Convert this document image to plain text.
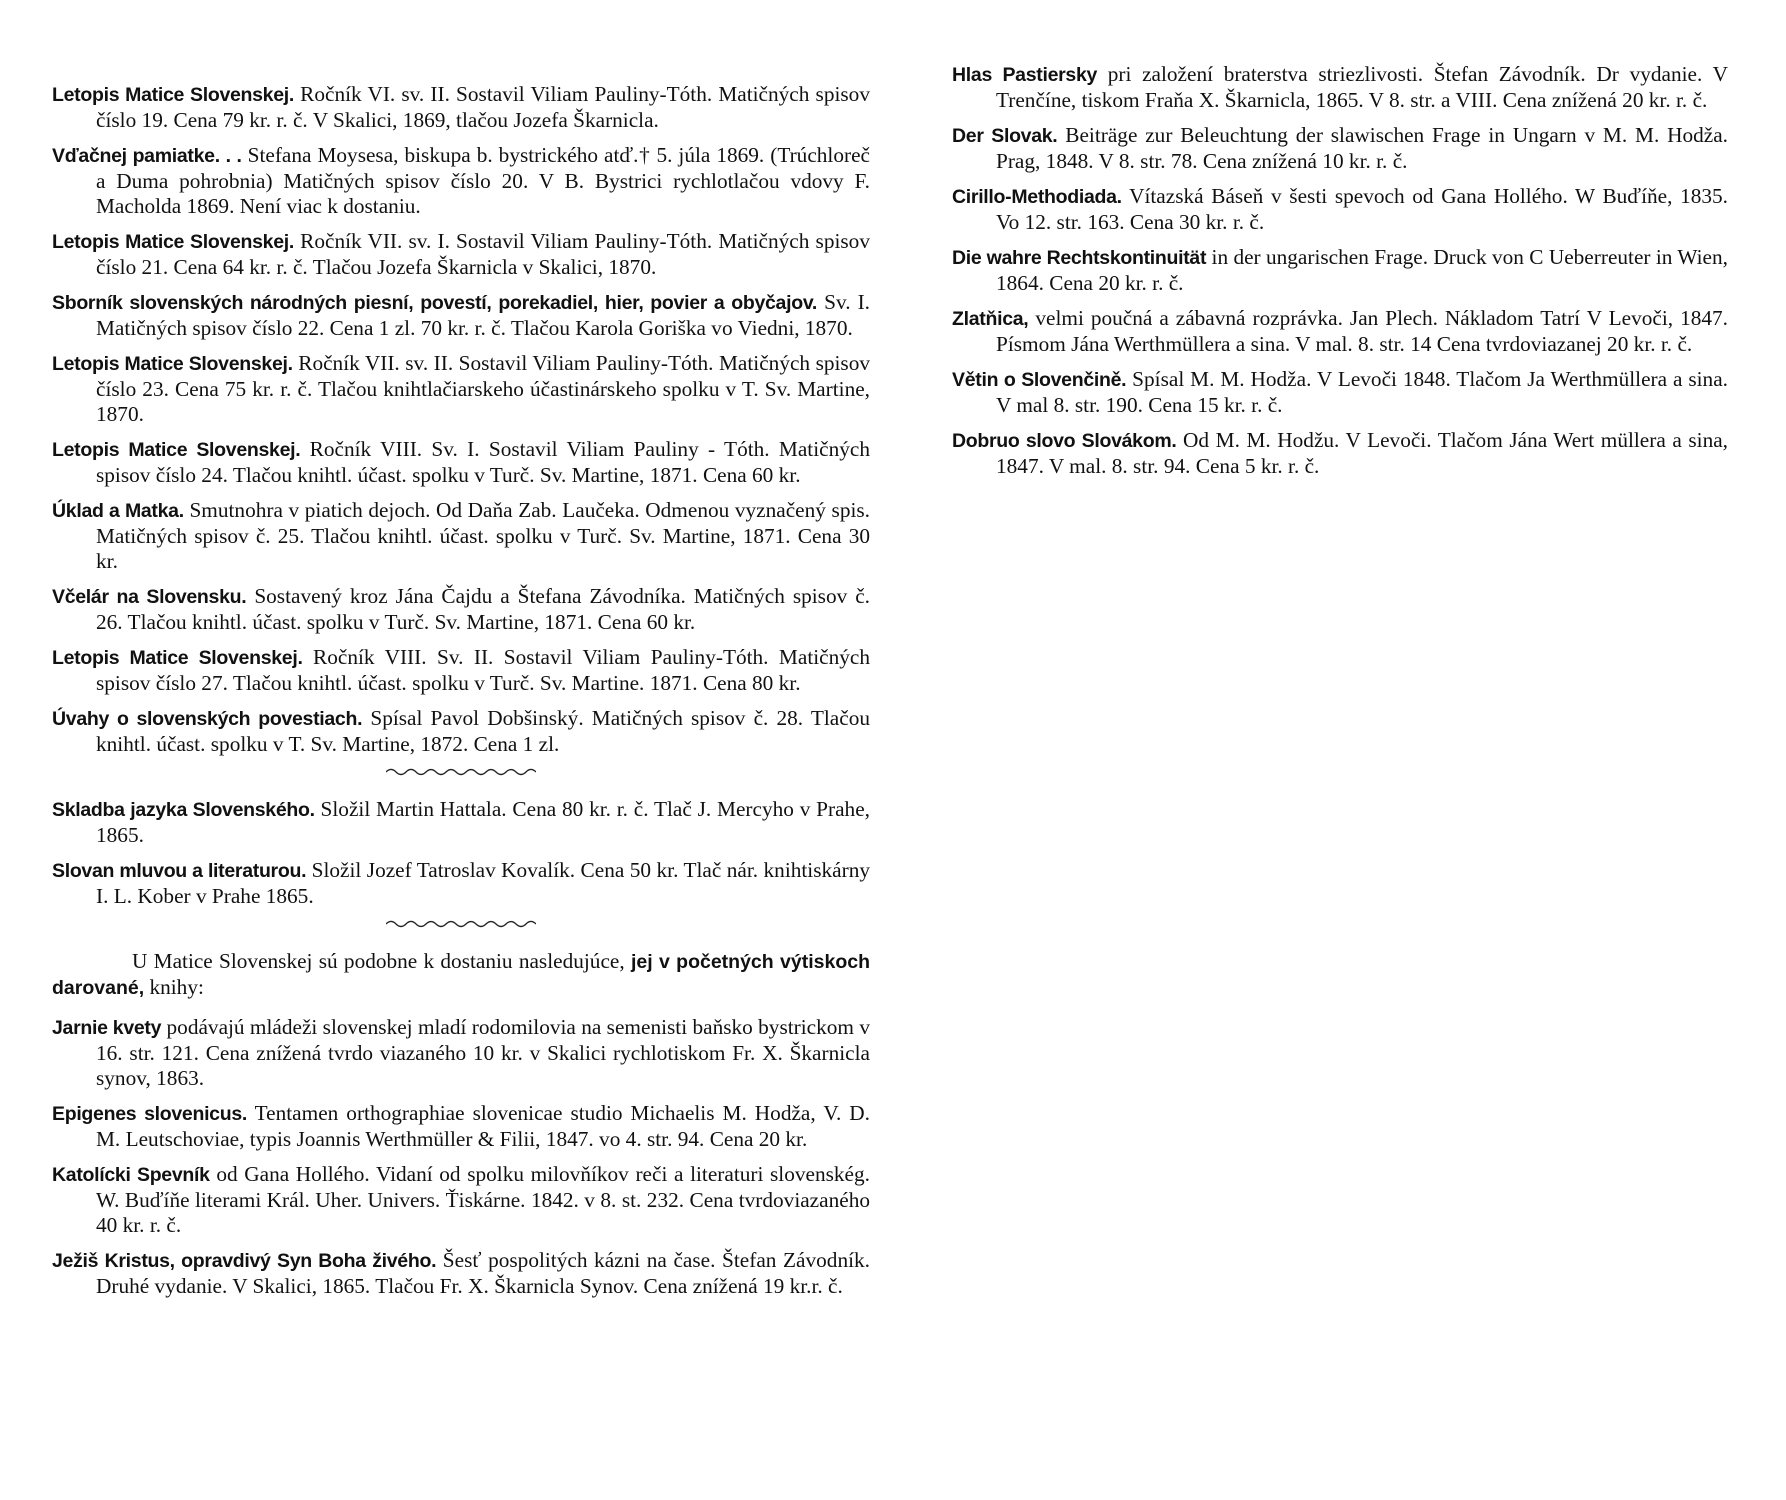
Letopis Matice Slovenskej. Ročník VI. sv. II. Sostavil Viliam Pauliny-Tóth. Matičných spisov číslo 19. Cena 79 kr. r. č. V Skalici, 1869, tlačou Jozefa Škarnicla.

Vďačnej pamiatke. . . Stefana Moysesa, biskupa b. bystrického atď.† 5. júla 1869. (Trúchloreč a Duma pohrobnia) Matičných spisov číslo 20. V B. Bystrici rychlotlačou vdovy F. Macholda 1869. Není viac k dostaniu.

Letopis Matice Slovenskej. Ročník VII. sv. I. Sostavil Viliam Pauliny-Tóth. Matičných spisov číslo 21. Cena 64 kr. r. č. Tlačou Jozefa Škarnicla v Skalici, 1870.

Sborník slovenských národných piesní, povestí, porekadiel, hier, povier a obyčajov. Sv. I. Matičných spisov číslo 22. Cena 1 zl. 70 kr. r. č. Tlačou Karola Goriška vo Viedni, 1870.

Letopis Matice Slovenskej. Ročník VII. sv. II. Sostavil Viliam Pauliny-Tóth. Matičných spisov číslo 23. Cena 75 kr. r. č. Tlačou knihtlačiarskeho účastinárskeho spolku v T. Sv. Martine, 1870.

Letopis Matice Slovenskej. Ročník VIII. Sv. I. Sostavil Viliam Pauliny - Tóth. Matičných spisov číslo 24. Tlačou knihtl. účast. spolku v Turč. Sv. Martine, 1871. Cena 60 kr.

Úklad a Matka. Smutnohra v piatich dejoch. Od Daňa Zab. Laučeka. Odmenou vyznačený spis. Matičných spisov č. 25. Tlačou knihtl. účast. spolku v Turč. Sv. Martine, 1871. Cena 30 kr.

Včelár na Slovensku. Sostavený kroz Jána Čajdu a Štefana Závodníka. Matičných spisov č. 26. Tlačou knihtl. účast. spolku v Turč. Sv. Martine, 1871. Cena 60 kr.

Letopis Matice Slovenskej. Ročník VIII. Sv. II. Sostavil Viliam Pauliny-Tóth. Matičných spisov číslo 27. Tlačou knihtl. účast. spolku v Turč. Sv. Martine. 1871. Cena 80 kr.

Úvahy o slovenských povestiach. Spísal Pavol Dobšinský. Matičných spisov č. 28. Tlačou knihtl. účast. spolku v T. Sv. Martine, 1872. Cena 1 zl.

Skladba jazyka Slovenského. Složil Martin Hattala. Cena 80 kr. r. č. Tlač J. Mercyho v Prahe, 1865.

Slovan mluvou a literaturou. Složil Jozef Tatroslav Kovalík. Cena 50 kr. Tlač nár. knihtiskárny I. L. Kober v Prahe 1865.

U Matice Slovenskej sú podobne k dostaniu nasledujúce, jej v početných výtiskoch darované, knihy:

Jarnie kvety podávajú mládeži slovenskej mladí rodomilovia na semenisti baňsko bystrickom v 16. str. 121. Cena znížená tvrdo viazaného 10 kr. v Skalici rychlotiskom Fr. X. Škarnicla synov, 1863.

Epigenes slovenicus. Tentamen orthographiae slovenicae studio Michaelis M. Hodža, V. D. M. Leutschoviae, typis Joannis Werthmüller & Filii, 1847. vo 4. str. 94. Cena 20 kr.

Katolícki Spevník od Gana Hollého. Vidaní od spolku milovňíkov reči a literaturi slovenskég. W. Buďíňe literami Král. Uher. Univers. Ťiskárne. 1842. v 8. st. 232. Cena tvrdoviazaného 40 kr. r. č.

Ježiš Kristus, opravdivý Syn Boha živého. Šesť pospolitých kázni na čase. Štefan Závodník. Druhé vydanie. V Skalici, 1865. Tlačou Fr. X. Škarnicla Synov. Cena znížená 19 kr.r. č.

Hlas Pastiersky pri založení braterstva striezlivosti. Štefan Závodník. Dr vydanie. V Trenčíne, tiskom Fraňa X. Škarnicla, 1865. V 8. str. a VIII. Cena znížená 20 kr. r. č.

Der Slovak. Beiträge zur Beleuchtung der slawischen Frage in Ungarn v M. M. Hodža. Prag, 1848. V 8. str. 78. Cena znížená 10 kr. r. č.

Cirillo-Methodiada. Vítazská Báseň v šesti spevoch od Gana Hollého. W Buďíňe, 1835. Vo 12. str. 163. Cena 30 kr. r. č.

Die wahre Rechtskontinuität in der ungarischen Frage. Druck von C Ueberreuter in Wien, 1864. Cena 20 kr. r. č.

Zlatňica, velmi poučná a zábavná rozprávka. Jan Plech. Nákladom Tatrí V Levoči, 1847. Písmom Jána Werthmüllera a sina. V mal. 8. str. 14 Cena tvrdoviazanej 20 kr. r. č.

Větin o Slovenčině. Spísal M. M. Hodža. V Levoči 1848. Tlačom Ja Werthmüllera a sina. V mal 8. str. 190. Cena 15 kr. r. č.

Dobruo slovo Slovákom. Od M. M. Hodžu. V Levoči. Tlačom Jána Wert müllera a sina, 1847. V mal. 8. str. 94. Cena 5 kr. r. č.
